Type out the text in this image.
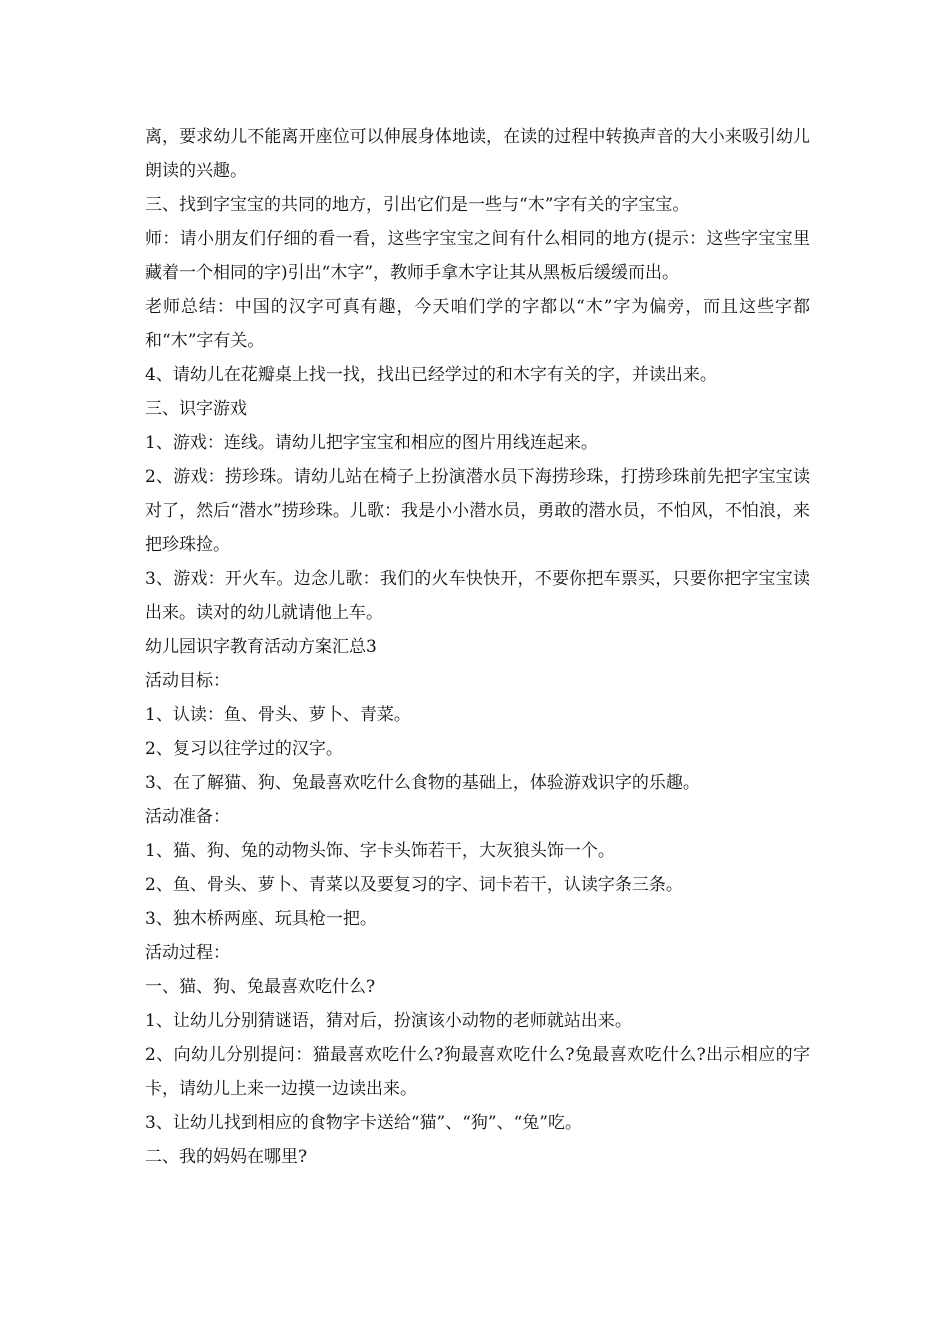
离，要求幼儿不能离开座位可以伸展身体地读，在读的过程中转换声音的大小来吸引幼儿朗读的兴趣。

三、找到字宝宝的共同的地方，引出它们是一些与“木”字有关的字宝宝。

师：请小朋友们仔细的看一看，这些字宝宝之间有什么相同的地方(提示：这些字宝宝里藏着一个相同的字)引出“木字”，教师手拿木字让其从黑板后缓缓而出。

老师总结：中国的汉字可真有趣，今天咱们学的字都以“木”字为偏旁，而且这些字都和“木”字有关。

4、请幼儿在花瓣桌上找一找，找出已经学过的和木字有关的字，并读出来。

三、识字游戏

1、游戏：连线。请幼儿把字宝宝和相应的图片用线连起来。

2、游戏：捞珍珠。请幼儿站在椅子上扮演潜水员下海捞珍珠，打捞珍珠前先把字宝宝读对了，然后“潜水”捞珍珠。儿歌：我是小小潜水员，勇敢的潜水员，不怕风，不怕浪，来把珍珠捡。

3、游戏：开火车。边念儿歌：我们的火车快快开，不要你把车票买，只要你把字宝宝读出来。读对的幼儿就请他上车。

幼儿园识字教育活动方案汇总3

活动目标：

1、认读：鱼、骨头、萝卜、青菜。

2、复习以往学过的汉字。

3、在了解猫、狗、兔最喜欢吃什么食物的基础上，体验游戏识字的乐趣。

活动准备：

1、猫、狗、兔的动物头饰、字卡头饰若干，大灰狼头饰一个。

2、鱼、骨头、萝卜、青菜以及要复习的字、词卡若干，认读字条三条。

3、独木桥两座、玩具枪一把。

活动过程：

一、猫、狗、兔最喜欢吃什么?

1、让幼儿分别猜谜语，猜对后，扮演该小动物的老师就站出来。

2、向幼儿分别提问：猫最喜欢吃什么?狗最喜欢吃什么?兔最喜欢吃什么?出示相应的字卡，请幼儿上来一边摸一边读出来。

3、让幼儿找到相应的食物字卡送给“猫”、“狗”、“兔”吃。

二、我的妈妈在哪里?
